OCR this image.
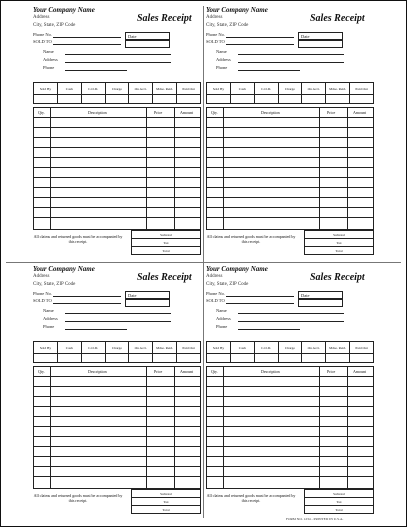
FORM NO. 1234 - PRINTED IN U.S.A.
Your Company Name
Address
City, State, ZIP Code
Sales Receipt
Phone No.
SOLD TO
Date
Name
Address
Phone
Sold By	Cash	C.O.D.	Charge	On Acct.	Mdse. Retd.	Paid Out

Qty.	Description	Price	Amount
All claims and returned goods must be accompanied by this receipt.
Subtotal
Tax
Total
Your Company Name
Address
City, State, ZIP Code
Sales Receipt
Phone No.
SOLD TO
Date
Name
Address
Phone
Sold By	Cash	C.O.D.	Charge	On Acct.	Mdse. Retd.	Paid Out

Qty.	Description	Price	Amount
All claims and returned goods must be accompanied by this receipt.
Subtotal
Tax
Total
Your Company Name
Address
City, State, ZIP Code
Sales Receipt
Phone No.
SOLD TO
Date
Name
Address
Phone
Sold By	Cash	C.O.D.	Charge	On Acct.	Mdse. Retd.	Paid Out

Qty.	Description	Price	Amount
All claims and returned goods must be accompanied by this receipt.
Subtotal
Tax
Total
Your Company Name
Address
City, State, ZIP Code
Sales Receipt
Phone No.
SOLD TO
Date
Name
Address
Phone
Sold By	Cash	C.O.D.	Charge	On Acct.	Mdse. Retd.	Paid Out

Qty.	Description	Price	Amount
All claims and returned goods must be accompanied by this receipt.
Subtotal
Tax
Total
